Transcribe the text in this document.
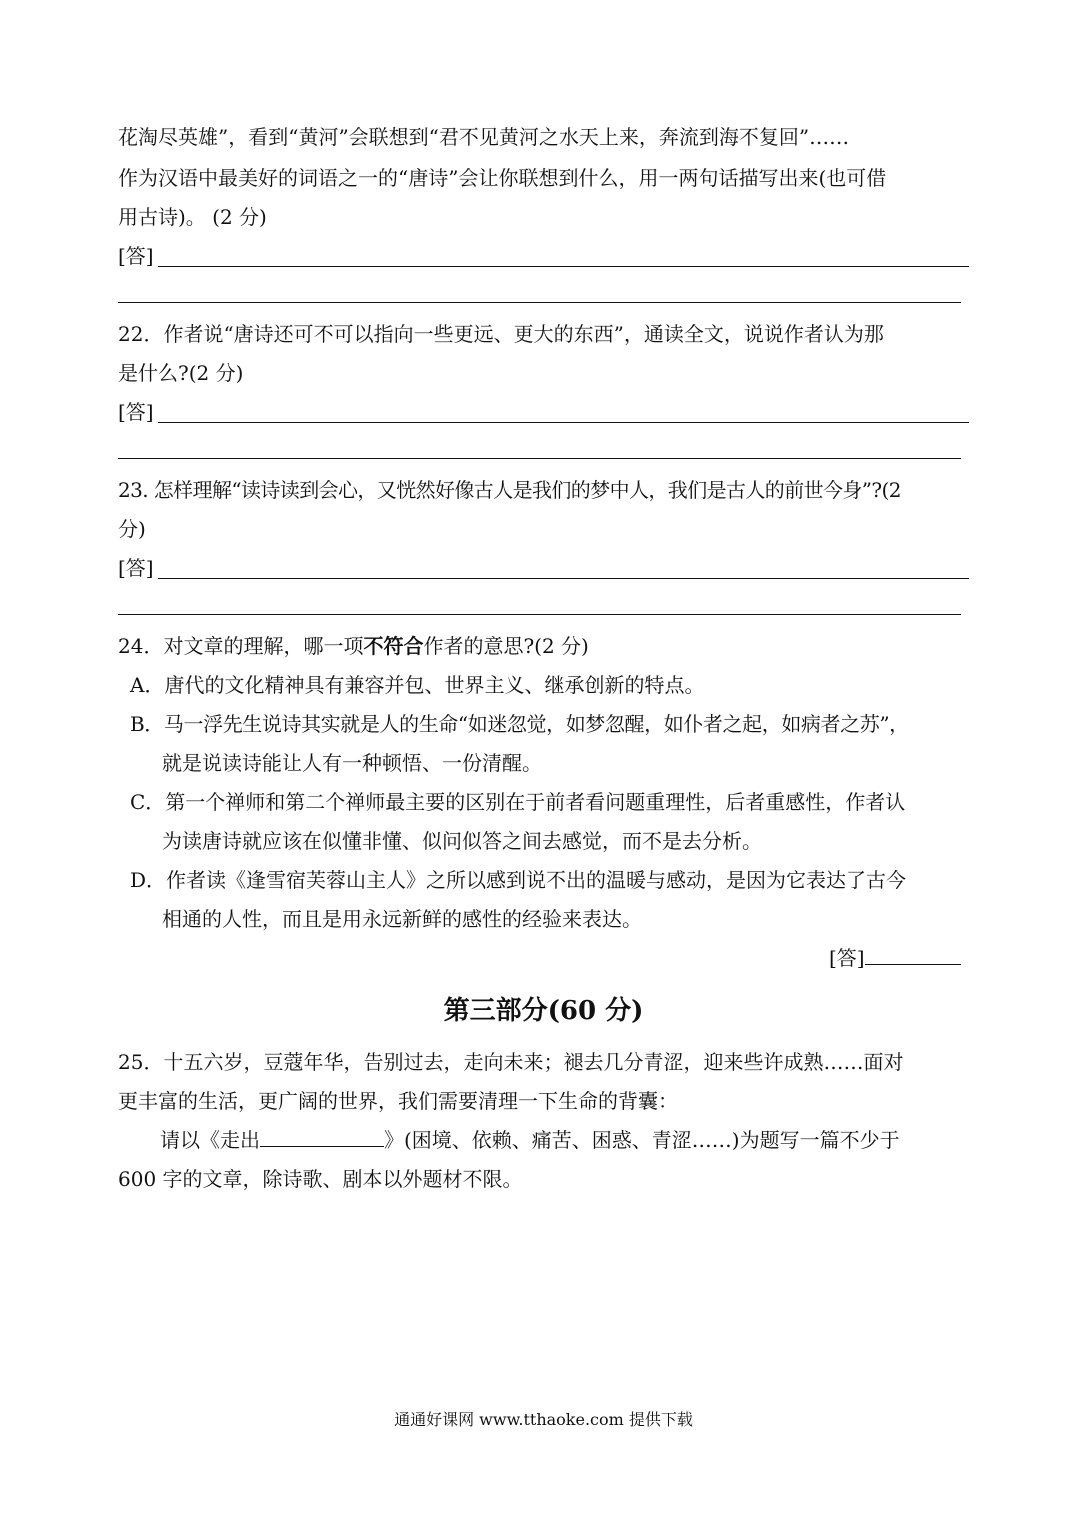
花淘尽英雄”，看到“黄河”会联想到“君不见黄河之水天上来，奔流到海不复回”……
作为汉语中最美好的词语之一的“唐诗”会让你联想到什么，用一两句话描写出来(也可借
用古诗)。 (2 分)
[答]
22．作者说“唐诗还可不可以指向一些更远、更大的东西”，通读全文，说说作者认为那
是什么?(2 分)
[答]
23. 怎样理解“读诗读到会心，又恍然好像古人是我们的梦中人，我们是古人的前世今身”?(2
分)
[答]
24．对文章的理解，哪一项不符合作者的意思?(2 分)
A．唐代的文化精神具有兼容并包、世界主义、继承创新的特点。
B．马一浮先生说诗其实就是人的生命“如迷忽觉，如梦忽醒，如仆者之起，如病者之苏”，
就是说读诗能让人有一种顿悟、一份清醒。
C．第一个禅师和第二个禅师最主要的区别在于前者看问题重理性，后者重感性，作者认
为读唐诗就应该在似懂非懂、似问似答之间去感觉，而不是去分析。
D．作者读《逢雪宿芙蓉山主人》之所以感到说不出的温暖与感动，是因为它表达了古今
相通的人性，而且是用永远新鲜的感性的经验来表达。
[答]
第三部分(60 分)
25．十五六岁，豆蔻年华，告别过去，走向未来；褪去几分青涩，迎来些许成熟……面对
更丰富的生活，更广阔的世界，我们需要清理一下生命的背囊：
请以《走出	》(困境、依赖、痛苦、困惑、青涩……)为题写一篇不少于
600 字的文章，除诗歌、剧本以外题材不限。
通通好课网 www.tthaoke.com 提供下载
